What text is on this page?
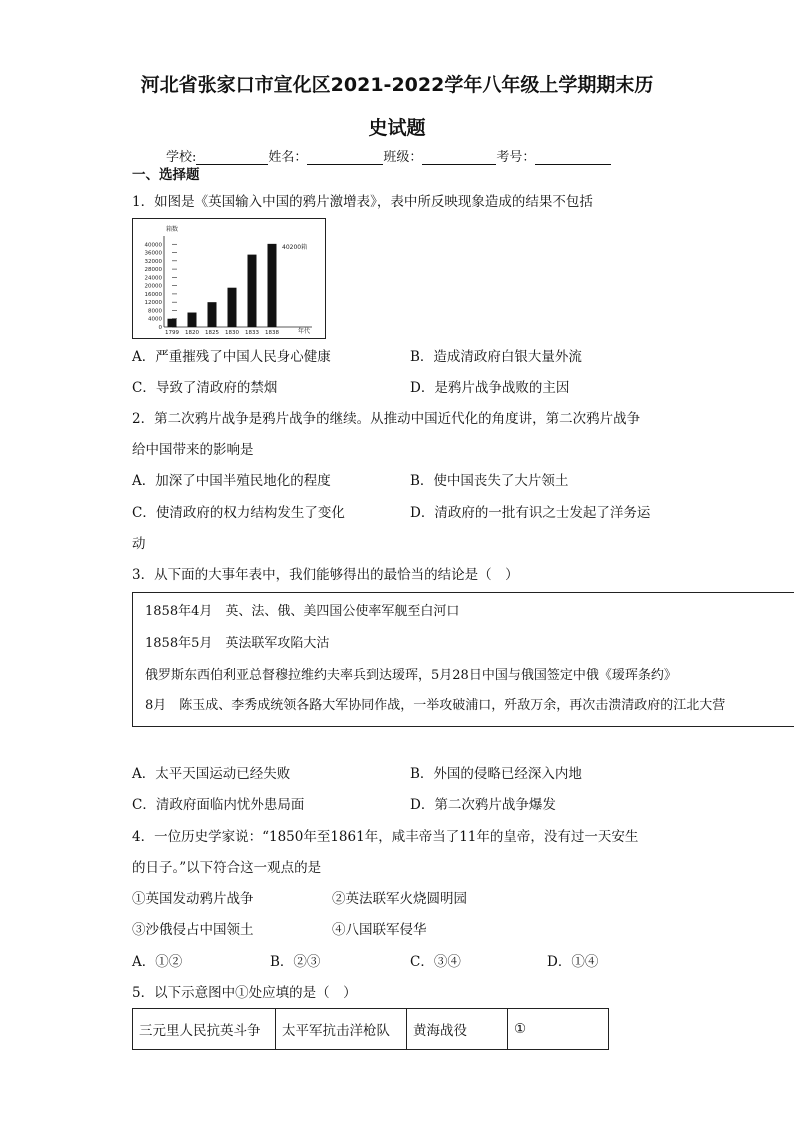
河北省张家口市宣化区2021-2022学年八年级上学期期末历
史试题
学校:	姓名：	班级：	考号：
一、选择题
1．如图是《英国输入中国的鸦片激增表》，表中所反映现象造成的结果不包括
箱数
年代
40000
36000
32000
28000
24000
20000
16000
12000
8000
4000
0
1799 1820 1825 1830 1833 1838
40200箱
A．严重摧残了中国人民身心健康	B．造成清政府白银大量外流
C．导致了清政府的禁烟	D．是鸦片战争战败的主因
2．第二次鸦片战争是鸦片战争的继续。从推动中国近代化的角度讲，第二次鸦片战争
给中国带来的影响是
A．加深了中国半殖民地化的程度	B．使中国丧失了大片领土
C．使清政府的权力结构发生了变化	D．清政府的一批有识之士发起了洋务运
动
3．从下面的大事年表中，我们能够得出的最恰当的结论是（　）
1858年4月　英、法、俄、美四国公使率军舰至白河口
1858年5月　英法联军攻陷大沽
俄罗斯东西伯利亚总督穆拉维约夫率兵到达瑷珲，5月28日中国与俄国签定中俄《瑷珲条约》
8月　陈玉成、李秀成统领各路大军协同作战，一举攻破浦口，歼敌万余，再次击溃清政府的江北大营
A．太平天国运动已经失败	B．外国的侵略已经深入内地
C．清政府面临内忧外患局面	D．第二次鸦片战争爆发
4．一位历史学家说：“1850年至1861年，咸丰帝当了11年的皇帝，没有过一天安生
的日子。”以下符合这一观点的是
①英国发动鸦片战争	②英法联军火烧圆明园
③沙俄侵占中国领土	④八国联军侵华
A．①②	B．②③	C．③④	D．①④
5．以下示意图中①处应填的是（　）
三元里人民抗英斗争	太平军抗击洋枪队	黄海战役	①
